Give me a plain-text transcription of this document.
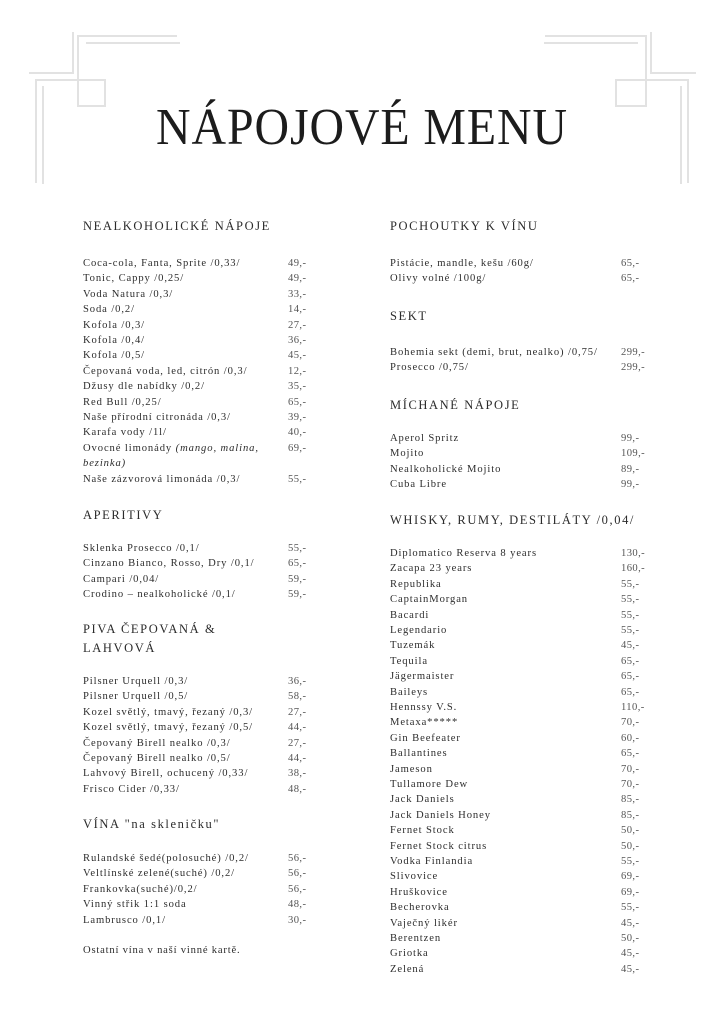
NÁPOJOVÉ MENU
NEALKOHOLICKÉ NÁPOJE
Coca-cola, Fanta, Sprite /0,33/	49,-
Tonic, Cappy /0,25/	49,-
Voda Natura /0,3/	33,-
Soda /0,2/	14,-
Kofola /0,3/	27,-
Kofola /0,4/	36,-
Kofola /0,5/	45,-
Čepovaná voda, led, citrón /0,3/	12,-
Džusy dle nabídky /0,2/	35,-
Red Bull /0,25/	65,-
Naše přírodní citronáda /0,3/	39,-
Karafa vody /1l/	40,-
Ovocné limonády (mango, malina,	69,-
bezinka)
Naše zázvorová limonáda /0,3/	55,-
APERITIVY
Sklenka Prosecco /0,1/	55,-
Cinzano Bianco, Rosso, Dry /0,1/	65,-
Campari /0,04/	59,-
Crodino – nealkoholické /0,1/	59,-
PIVA ČEPOVANÁ &
LAHVOVÁ
Pilsner Urquell /0,3/	36,-
Pilsner Urquell /0,5/	58,-
Kozel světlý, tmavý, řezaný /0,3/	27,-
Kozel světlý, tmavý, řezaný /0,5/	44,-
Čepovaný Birell nealko /0,3/	27,-
Čepovaný Birell nealko /0,5/	44,-
Lahvový Birell, ochucený /0,33/	38,-
Frisco Cider /0,33/	48,-
VÍNA "na skleničku"
Rulandské šedé(polosuché) /0,2/	56,-
Veltlínské zelené(suché) /0,2/	56,-
Frankovka(suché)/0,2/	56,-
Vinný střik 1:1 soda	48,-
Lambrusco /0,1/	30,-
Ostatní vína v naší vinné kartě.
POCHOUTKY K VÍNU
Pistácie, mandle, kešu /60g/	65,-
Olivy volné /100g/	65,-
SEKT
Bohemia sekt (demi, brut, nealko) /0,75/ 299,-
Prosecco /0,75/	299,-
MÍCHANÉ NÁPOJE
Aperol Spritz	99,-
Mojito	109,-
Nealkoholické Mojito	89,-
Cuba Libre	99,-
WHISKY, RUMY, DESTILÁTY /0,04/
Diplomatico Reserva 8 years	130,-
Zacapa 23 years	160,-
Republika	55,-
CaptainMorgan	55,-
Bacardi	55,-
Legendario	55,-
Tuzemák	45,-
Tequila	65,-
Jägermaister	65,-
Baileys	65,-
Hennssy V.S.	110,-
Metaxa*****	70,-
Gin Beefeater	60,-
Ballantines	65,-
Jameson	70,-
Tullamore Dew	70,-
Jack Daniels	85,-
Jack Daniels Honey	85,-
Fernet Stock	50,-
Fernet Stock citrus	50,-
Vodka Finlandia	55,-
Slivovice	69,-
Hruškovice	69,-
Becherovka	55,-
Vaječný likér	45,-
Berentzen	50,-
Griotka	45,-
Zelená	45,-
